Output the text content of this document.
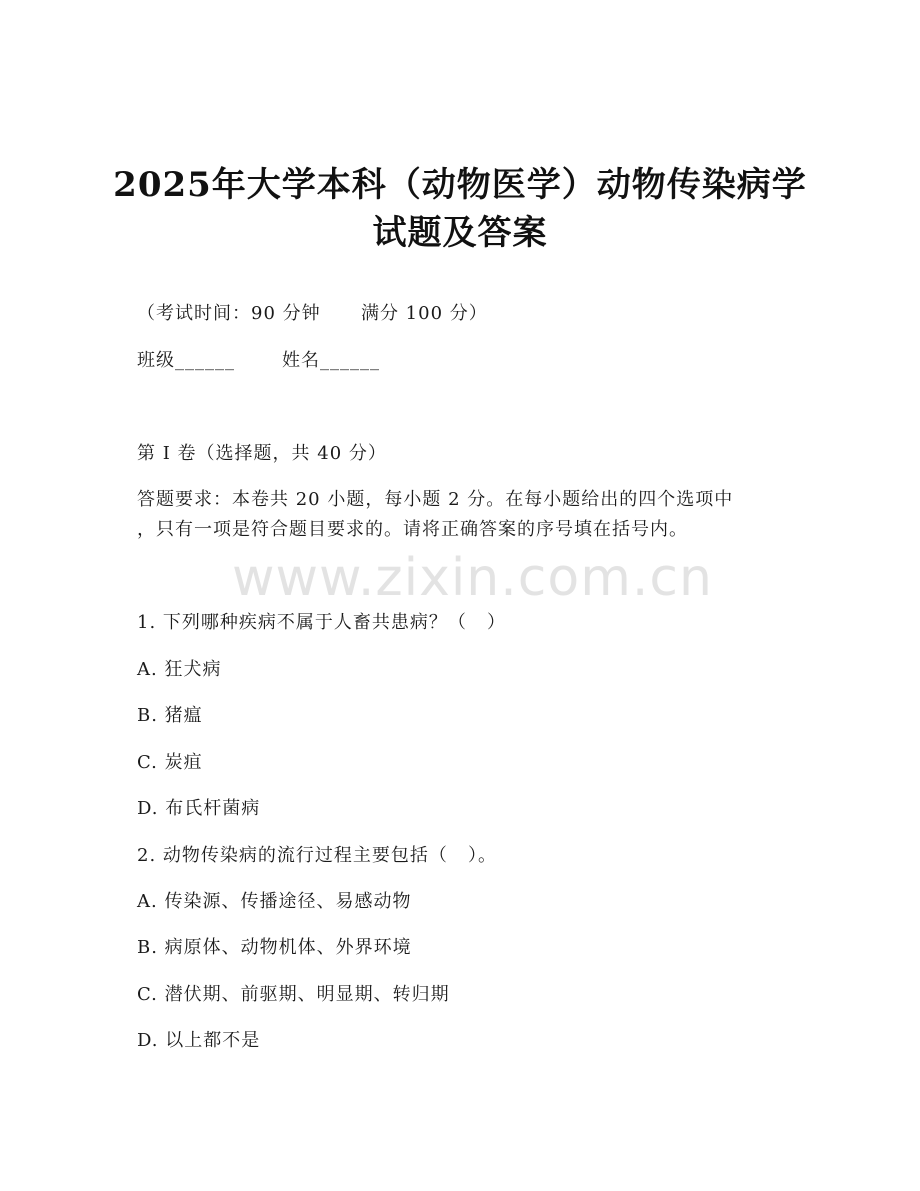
www.zixin.com.cn
2025年大学本科（动物医学）动物传染病学
试题及答案
（考试时间：90 分钟      满分 100 分）
班级______       姓名______
第 I 卷（选择题，共 40 分）
答题要求：本卷共 20 小题，每小题 2 分。在每小题给出的四个选项中
，只有一项是符合题目要求的。请将正确答案的序号填在括号内。
1. 下列哪种疾病不属于人畜共患病？（   ）
A. 狂犬病
B. 猪瘟
C. 炭疽
D. 布氏杆菌病
2. 动物传染病的流行过程主要包括（   ）。
A. 传染源、传播途径、易感动物
B. 病原体、动物机体、外界环境
C. 潜伏期、前驱期、明显期、转归期
D. 以上都不是
